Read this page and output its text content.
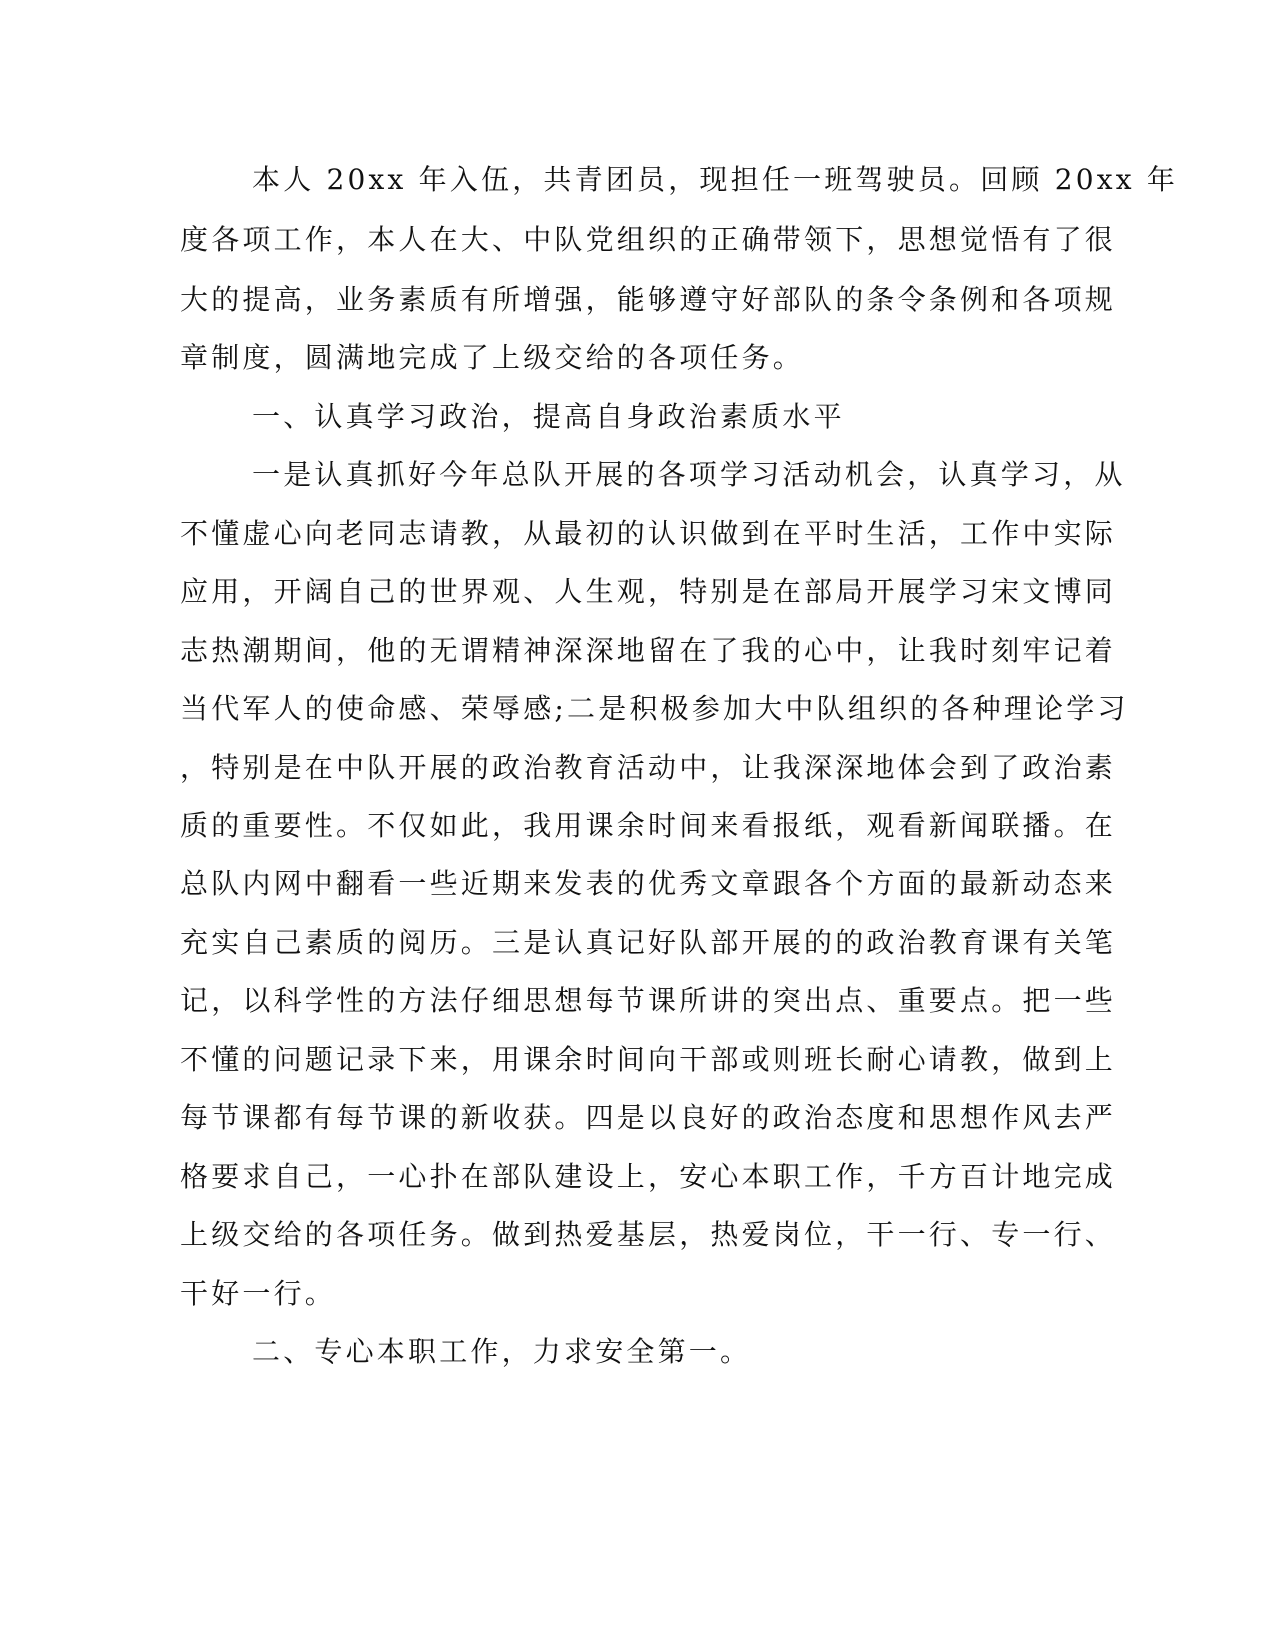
本人 20xx 年入伍，共青团员，现担任一班驾驶员。回顾 20xx 年

度各项工作，本人在大、中队党组织的正确带领下，思想觉悟有了很

大的提高，业务素质有所增强，能够遵守好部队的条令条例和各项规

章制度，圆满地完成了上级交给的各项任务。

一、认真学习政治，提高自身政治素质水平

一是认真抓好今年总队开展的各项学习活动机会，认真学习，从

不懂虚心向老同志请教，从最初的认识做到在平时生活，工作中实际

应用，开阔自己的世界观、人生观，特别是在部局开展学习宋文博同

志热潮期间，他的无谓精神深深地留在了我的心中，让我时刻牢记着

当代军人的使命感、荣辱感;二是积极参加大中队组织的各种理论学习

，特别是在中队开展的政治教育活动中，让我深深地体会到了政治素

质的重要性。不仅如此，我用课余时间来看报纸，观看新闻联播。在

总队内网中翻看一些近期来发表的优秀文章跟各个方面的最新动态来

充实自己素质的阅历。三是认真记好队部开展的的政治教育课有关笔

记，以科学性的方法仔细思想每节课所讲的突出点、重要点。把一些

不懂的问题记录下来，用课余时间向干部或则班长耐心请教，做到上

每节课都有每节课的新收获。四是以良好的政治态度和思想作风去严

格要求自己，一心扑在部队建设上，安心本职工作，千方百计地完成

上级交给的各项任务。做到热爱基层，热爱岗位，干一行、专一行、

干好一行。

二、专心本职工作，力求安全第一。
